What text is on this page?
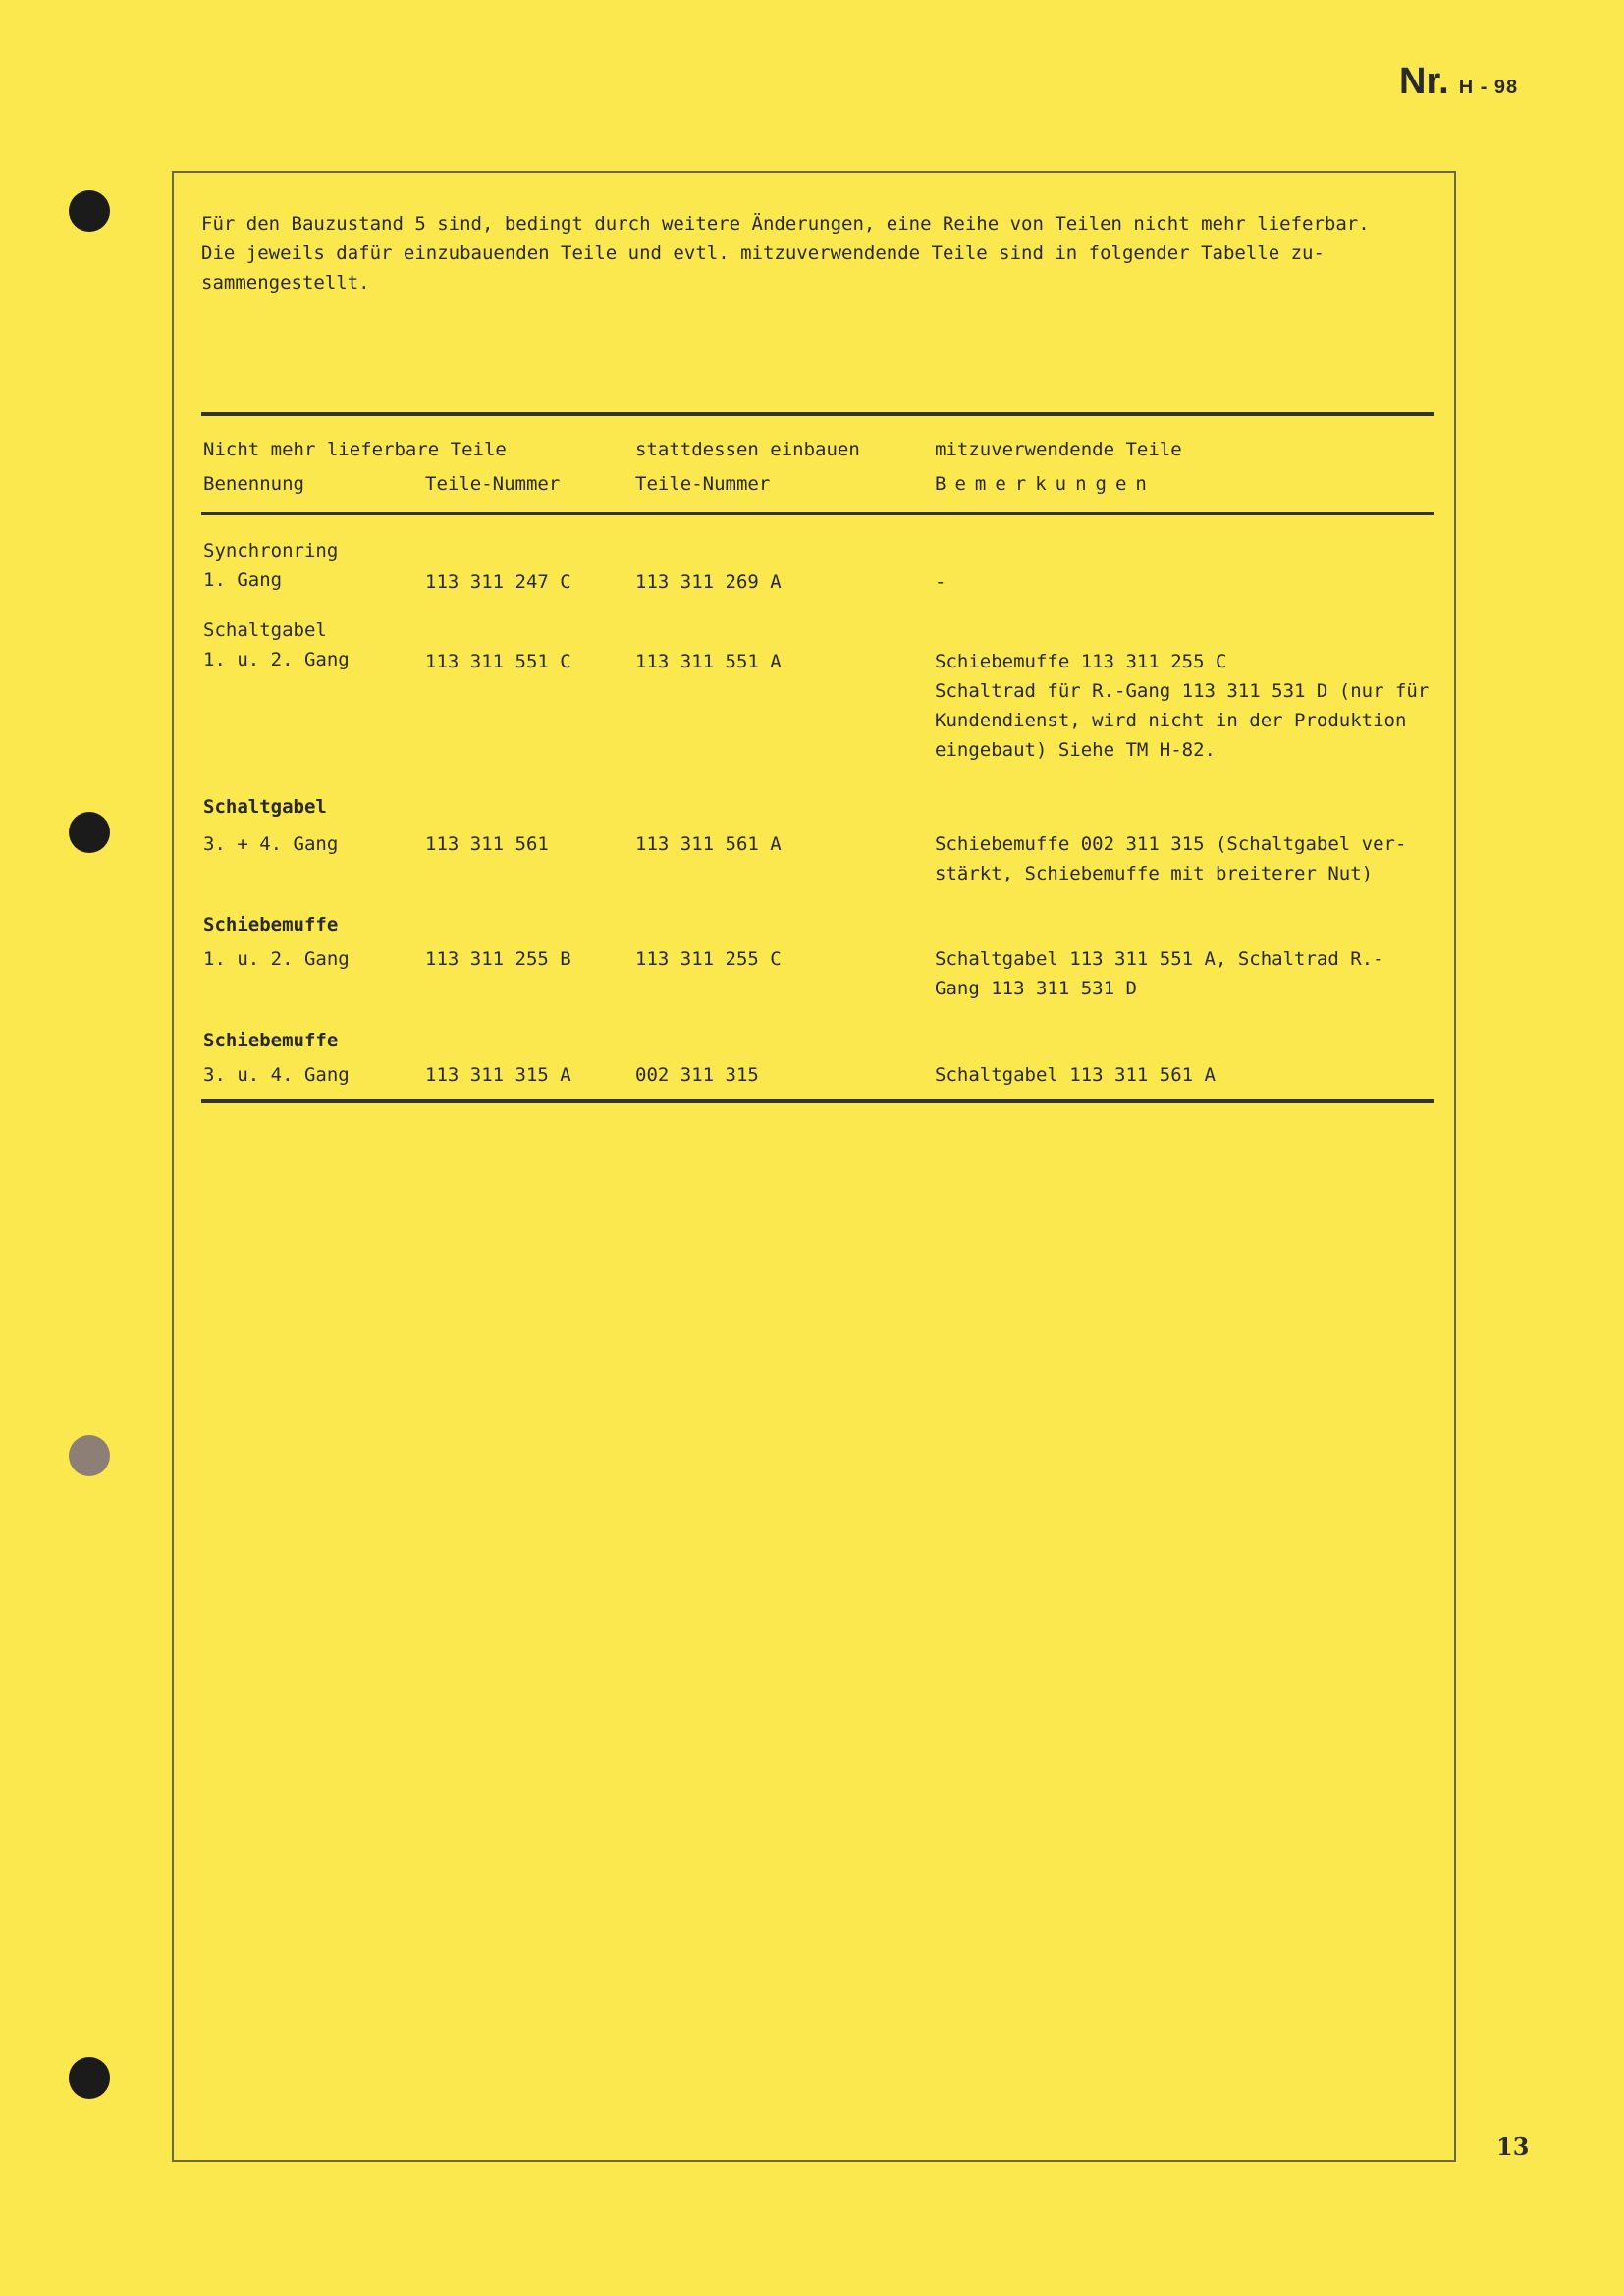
Nr. H - 98
Für den Bauzustand 5 sind, bedingt durch weitere Änderungen, eine Reihe von Teilen nicht mehr lieferbar.
Die jeweils dafür einzubauenden Teile und evtl. mitzuverwendende Teile sind in folgender Tabelle zu-
sammengestellt.
Nicht mehr lieferbare Teile	stattdessen einbauen	mitzuverwendende Teile
Benennung	Teile-Nummer	Teile-Nummer	Bemerkungen
Synchronring
1. Gang	113 311 247 C	113 311 269 A	-
Schaltgabel
1. u. 2. Gang	113 311 551 C	113 311 551 A	Schiebemuffe 113 311 255 C
Schaltrad für R.-Gang 113 311 531 D (nur für
Kundendienst, wird nicht in der Produktion
eingebaut) Siehe TM H-82.
Schaltgabel
3. + 4. Gang	113 311 561	113 311 561 A	Schiebemuffe 002 311 315 (Schaltgabel ver-
stärkt, Schiebemuffe mit breiterer Nut)
Schiebemuffe
1. u. 2. Gang	113 311 255 B	113 311 255 C	Schaltgabel 113 311 551 A, Schaltrad R.-
Gang 113 311 531 D
Schiebemuffe
3. u. 4. Gang	113 311 315 A	002 311 315	Schaltgabel 113 311 561 A
13
